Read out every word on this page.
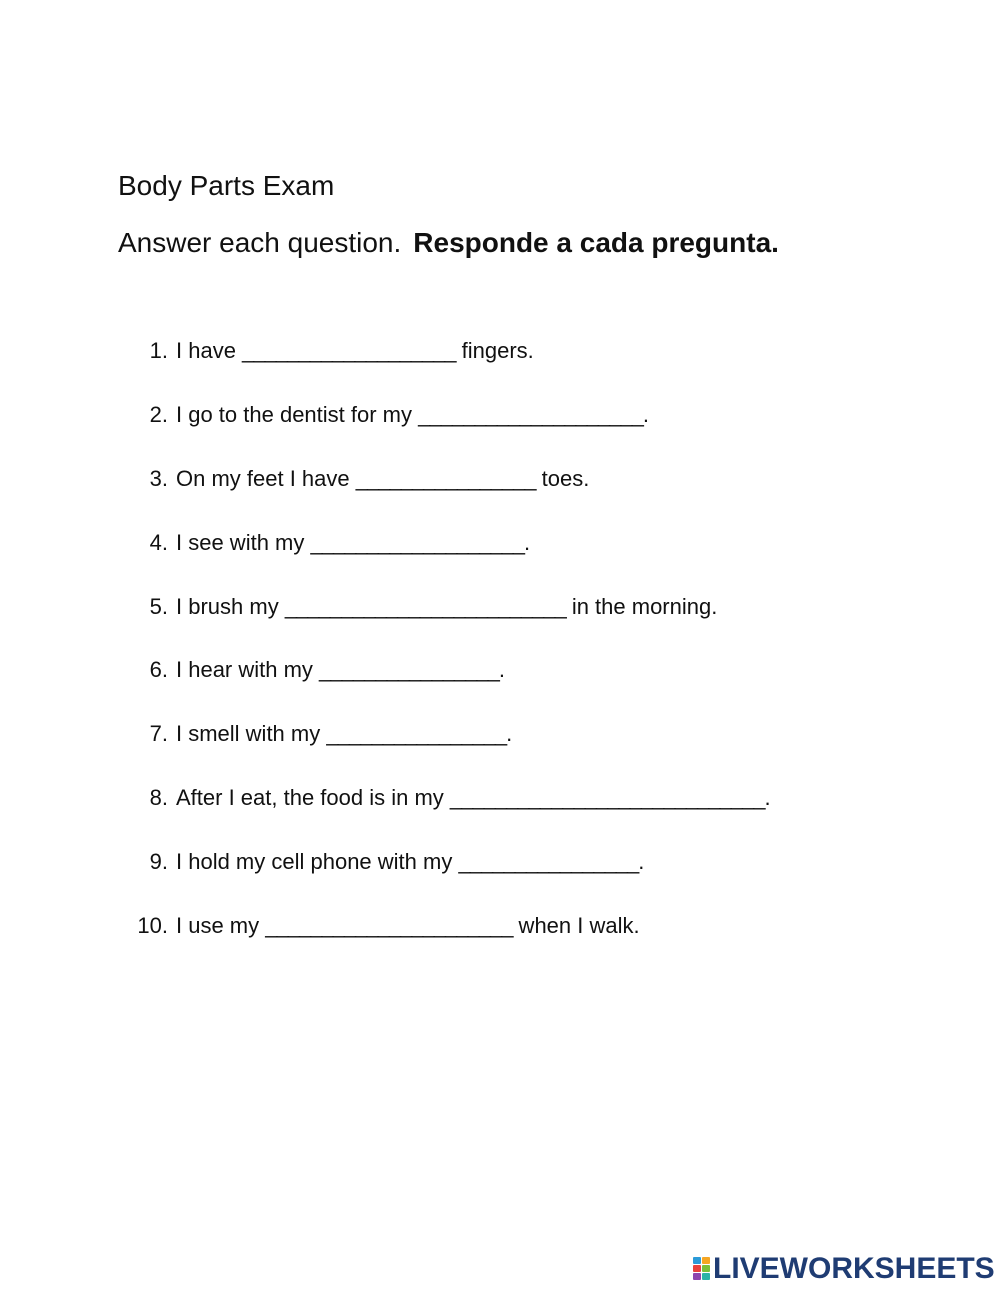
Body Parts Exam
Answer each question. Responde a cada pregunta.
1. I have ___________________ fingers.
2. I go to the dentist for my ____________________.
3. On my feet I have ________________ toes.
4. I see with my ___________________.
5. I brush my _________________________ in the morning.
6. I hear with my ________________.
7. I smell with my ________________.
8. After I eat, the food is in my ____________________________.
9. I hold my cell phone with my ________________.
10. I use my ______________________ when I walk.
LIVEWORKSHEETS
